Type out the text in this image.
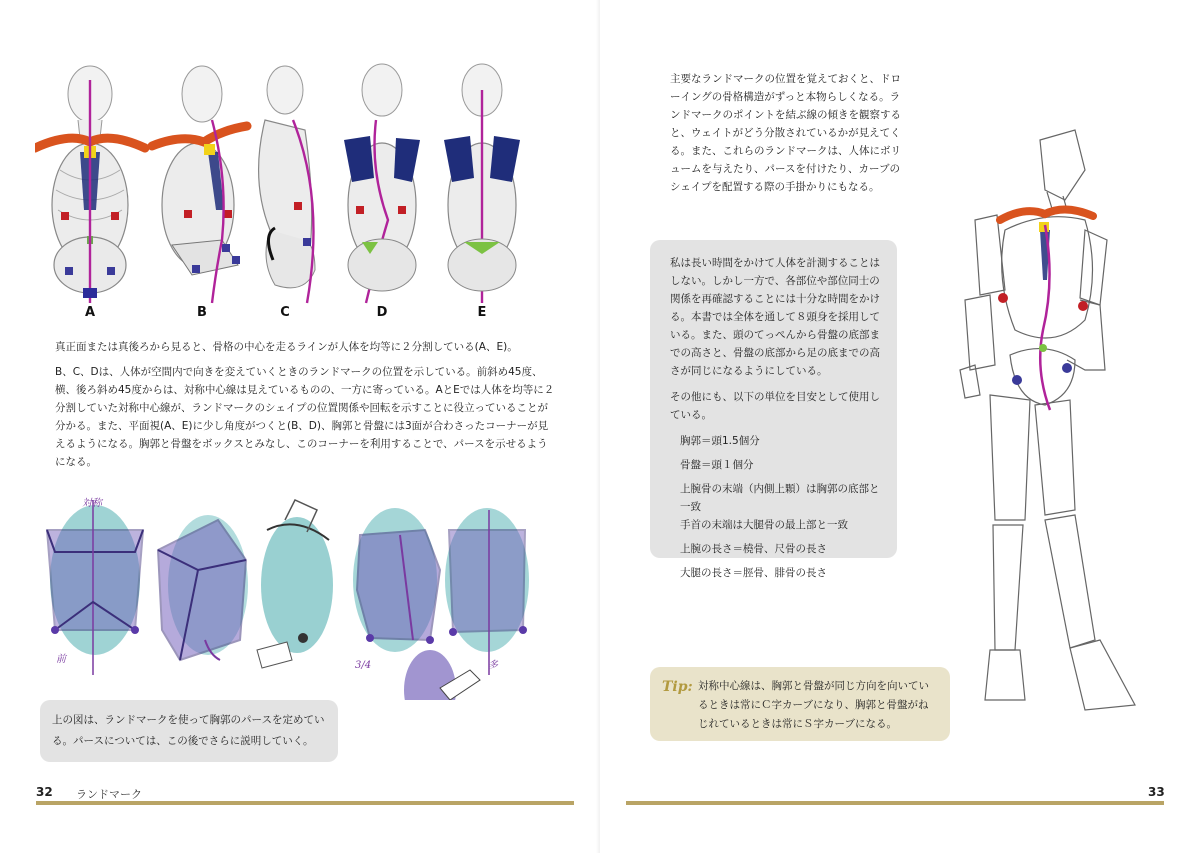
A	B	C	D	E

真正面または真後ろから見ると、骨格の中心を走るラインが人体を均等に２分割している(A、E)。

B、C、Dは、人体が空間内で向きを変えていくときのランドマークの位置を示している。前斜め45度、横、後ろ斜め45度からは、対称中心線は見えているものの、一方に寄っている。AとEでは人体を均等に２分割していた対称中心線が、ランドマークのシェイプの位置関係や回転を示すことに役立っていることが分かる。また、平面視(A、E)に少し角度がつくと(B、D)、胸郭と骨盤には3面が合わさったコーナーが見えるようになる。胸郭と骨盤をボックスとみなし、このコーナーを利用することで、パースを示せるようになる。

対称
前
3/4	多
上の図は、ランドマークを使って胸郭のパースを定めている。パースについては、この後でさらに説明していく。
32 ランドマーク

主要なランドマークの位置を覚えておくと、ドローイングの骨格構造がずっと本物らしくなる。ランドマークのポイントを結ぶ線の傾きを観察すると、ウェイトがどう分散されているかが見えてくる。また、これらのランドマークは、人体にボリュームを与えたり、パースを付けたり、カーブのシェイプを配置する際の手掛かりにもなる。

私は長い時間をかけて人体を計測することはしない。しかし一方で、各部位や部位同士の関係を再確認することには十分な時間をかける。本書では全体を通して８頭身を採用している。また、頭のてっぺんから骨盤の底部までの高さと、骨盤の底部から足の底までの高さが同じになるようにしている。

その他にも、以下の単位を目安として使用している。

胸郭＝頭1.5個分
骨盤＝頭１個分
上腕骨の末端（内側上顆）は胸郭の底部と一致
手首の末端は大腿骨の最上部と一致
上腕の長さ＝橈骨、尺骨の長さ
大腿の長さ＝脛骨、腓骨の長さ
Tip: 対称中心線は、胸郭と骨盤が同じ方向を向いているときは常にＣ字カーブになり、胸郭と骨盤がねじれているときは常にＳ字カーブになる。
33
